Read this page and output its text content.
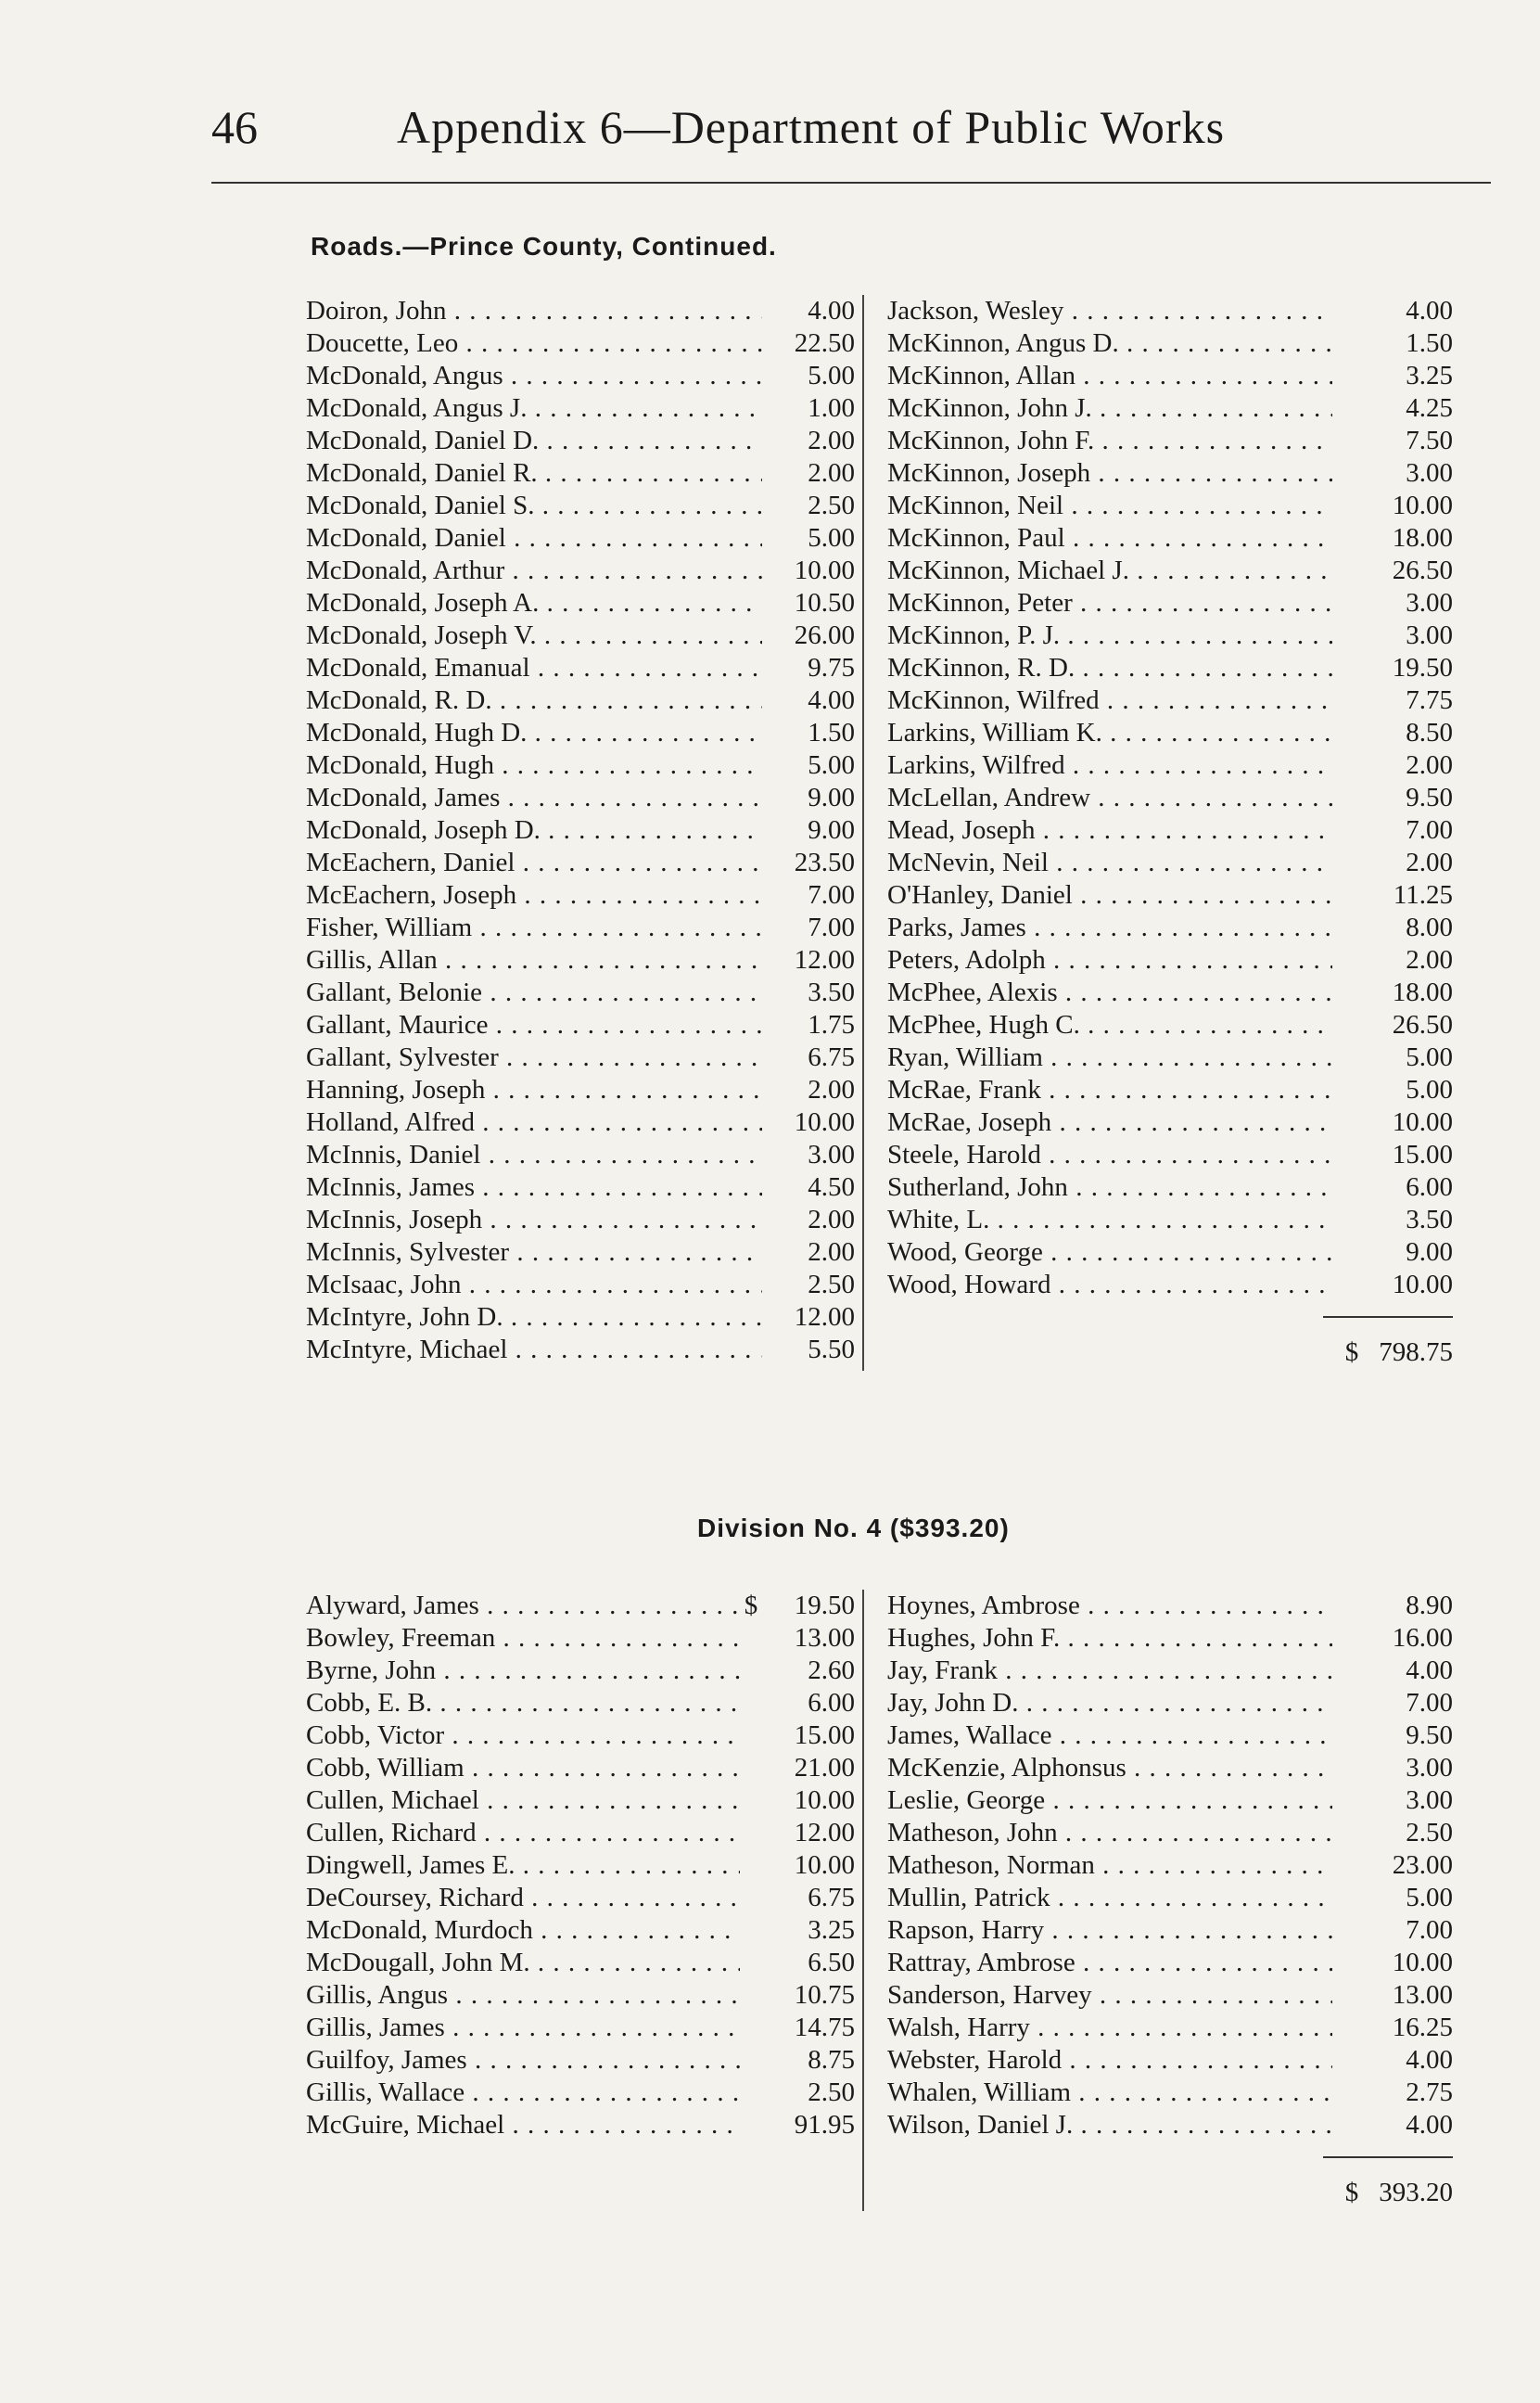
46	Appendix 6—Department of Public Works
Roads.—Prince County, Continued.
Doiron, John . . .	4.00
Doucette, Leo . . .	22.50
McDonald, Angus . . .	5.00
McDonald, Angus J. . . .	1.00
McDonald, Daniel D. . . .	2.00
McDonald, Daniel R. . . .	2.00
McDonald, Daniel S. . . .	2.50
McDonald, Daniel . . .	5.00
McDonald, Arthur . . .	10.00
McDonald, Joseph A. . . .	10.50
McDonald, Joseph V. . . .	26.00
McDonald, Emanual . . .	9.75
McDonald, R. D. . . .	4.00
McDonald, Hugh D. . . .	1.50
McDonald, Hugh . . .	5.00
McDonald, James . . .	9.00
McDonald, Joseph D. . . .	9.00
McEachern, Daniel . . .	23.50
McEachern, Joseph . . .	7.00
Fisher, William . . .	7.00
Gillis, Allan . . .	12.00
Gallant, Belonie . . .	3.50
Gallant, Maurice . . .	1.75
Gallant, Sylvester . . .	6.75
Hanning, Joseph . . .	2.00
Holland, Alfred . . .	10.00
McInnis, Daniel . . .	3.00
McInnis, James . . .	4.50
McInnis, Joseph . . .	2.00
McInnis, Sylvester . . .	2.00
McIsaac, John . . .	2.50
McIntyre, John D. . . .	12.00
McIntyre, Michael . . .	5.50
Jackson, Wesley . . .	4.00
McKinnon, Angus D. . . .	1.50
McKinnon, Allan . . .	3.25
McKinnon, John J. . . .	4.25
McKinnon, John F. . . .	7.50
McKinnon, Joseph . . .	3.00
McKinnon, Neil . . .	10.00
McKinnon, Paul . . .	18.00
McKinnon, Michael J. . . .	26.50
McKinnon, Peter . . .	3.00
McKinnon, P. J. . . .	3.00
McKinnon, R. D. . . .	19.50
McKinnon, Wilfred . . .	7.75
Larkins, William K. . . .	8.50
Larkins, Wilfred . . .	2.00
McLellan, Andrew . . .	9.50
Mead, Joseph . . .	7.00
McNevin, Neil . . .	2.00
O'Hanley, Daniel . . .	11.25
Parks, James . . .	8.00
Peters, Adolph . . .	2.00
McPhee, Alexis . . .	18.00
McPhee, Hugh C. . . .	26.50
Ryan, William . . .	5.00
McRae, Frank . . .	5.00
McRae, Joseph . . .	10.00
Steele, Harold . . .	15.00
Sutherland, John . . .	6.00
White, L. . . .	3.50
Wood, George . . .	9.00
Wood, Howard . . .	10.00
$ 798.75
Division No. 4 ($393.20)
Alyward, James . . .	$	19.50
Bowley, Freeman . . .	13.00
Byrne, John . . .	2.60
Cobb, E. B. . . .	6.00
Cobb, Victor . . .	15.00
Cobb, William . . .	21.00
Cullen, Michael . . .	10.00
Cullen, Richard . . .	12.00
Dingwell, James E. . . .	10.00
DeCoursey, Richard . . .	6.75
McDonald, Murdoch . . .	3.25
McDougall, John M. . . .	6.50
Gillis, Angus . . .	10.75
Gillis, James . . .	14.75
Guilfoy, James . . .	8.75
Gillis, Wallace . . .	2.50
McGuire, Michael . . .	91.95
Hoynes, Ambrose . . .	8.90
Hughes, John F. . . .	16.00
Jay, Frank . . .	4.00
Jay, John D. . . .	7.00
James, Wallace . . .	9.50
McKenzie, Alphonsus . . .	3.00
Leslie, George . . .	3.00
Matheson, John . . .	2.50
Matheson, Norman . . .	23.00
Mullin, Patrick . . .	5.00
Rapson, Harry . . .	7.00
Rattray, Ambrose . . .	10.00
Sanderson, Harvey . . .	13.00
Walsh, Harry . . .	16.25
Webster, Harold . . .	4.00
Whalen, William . . .	2.75
Wilson, Daniel J. . . .	4.00
$ 393.20
